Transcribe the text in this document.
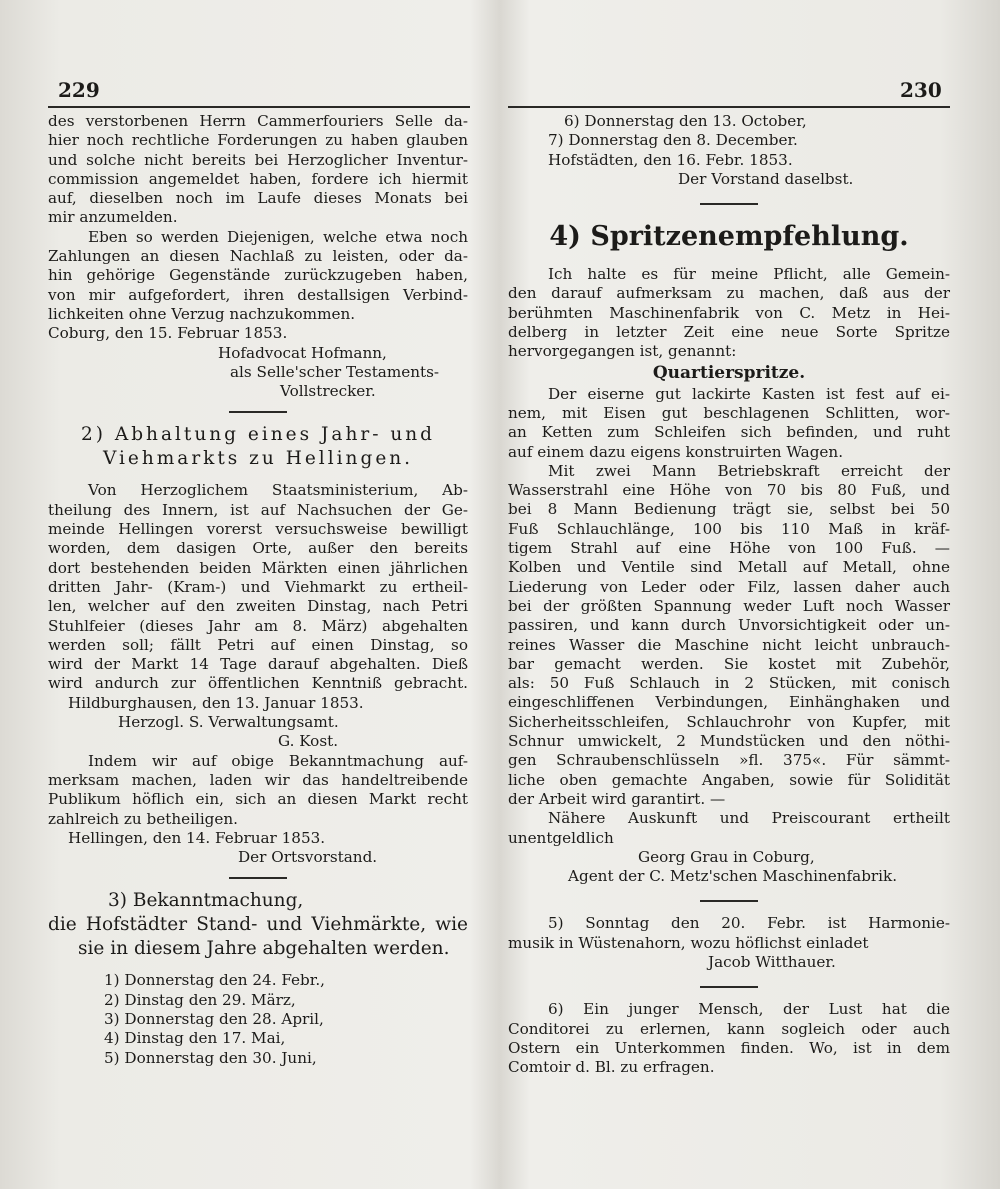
229	230
des verstorbenen Herrn Cammerfouriers Selle da-
hier noch rechtliche Forderungen zu haben glauben
und solche nicht bereits bei Herzoglicher Inventur-
commission angemeldet haben, fordere ich hiermit
auf, dieselben noch im Laufe dieses Monats bei
mir anzumelden.
Eben so werden Diejenigen, welche etwa noch
Zahlungen an diesen Nachlaß zu leisten, oder da-
hin gehörige Gegenstände zurückzugeben haben,
von mir aufgefordert, ihren destallsigen Verbind-
lichkeiten ohne Verzug nachzukommen.
Coburg, den 15. Februar 1853.
Hofadvocat Hofmann,
als Selle'scher Testaments-
Vollstrecker.
2) Abhaltung eines Jahr- und
Viehmarkts zu Hellingen.
Von Herzoglichem Staatsministerium, Ab-
theilung des Innern, ist auf Nachsuchen der Ge-
meinde Hellingen vorerst versuchsweise bewilligt
worden, dem dasigen Orte, außer den bereits
dort bestehenden beiden Märkten einen jährlichen
dritten Jahr- (Kram-) und Viehmarkt zu ertheil-
len, welcher auf den zweiten Dinstag, nach Petri
Stuhlfeier (dieses Jahr am 8. März) abgehalten
werden soll; fällt Petri auf einen Dinstag, so
wird der Markt 14 Tage darauf abgehalten. Dieß
wird andurch zur öffentlichen Kenntniß gebracht.
Hildburghausen, den 13. Januar 1853.
Herzogl. S. Verwaltungsamt.
G. Kost.
Indem wir auf obige Bekanntmachung auf-
merksam machen, laden wir das handeltreibende
Publikum höflich ein, sich an diesen Markt recht
zahlreich zu betheiligen.
Hellingen, den 14. Februar 1853.
Der Ortsvorstand.
3) Bekanntmachung,
die Hofstädter Stand- und Viehmärkte, wie
sie in diesem Jahre abgehalten werden.
1) Donnerstag den 24. Febr.,
2) Dinstag den 29. März,
3) Donnerstag den 28. April,
4) Dinstag den 17. Mai,
5) Donnerstag den 30. Juni,
6) Donnerstag den 13. October,
7) Donnerstag den 8. December.
Hofstädten, den 16. Febr. 1853.
Der Vorstand daselbst.
4) Spritzenempfehlung.
Ich halte es für meine Pflicht, alle Gemein-
den darauf aufmerksam zu machen, daß aus der
berühmten Maschinenfabrik von C. Metz in Hei-
delberg in letzter Zeit eine neue Sorte Spritze
hervorgegangen ist, genannt:
Quartierspritze.
Der eiserne gut lackirte Kasten ist fest auf ei-
nem, mit Eisen gut beschlagenen Schlitten, wor-
an Ketten zum Schleifen sich befinden, und ruht
auf einem dazu eigens konstruirten Wagen.
Mit zwei Mann Betriebskraft erreicht der
Wasserstrahl eine Höhe von 70 bis 80 Fuß, und
bei 8 Mann Bedienung trägt sie, selbst bei 50
Fuß Schlauchlänge, 100 bis 110 Maß in kräf-
tigem Strahl auf eine Höhe von 100 Fuß. —
Kolben und Ventile sind Metall auf Metall, ohne
Liederung von Leder oder Filz, lassen daher auch
bei der größten Spannung weder Luft noch Wasser
passiren, und kann durch Unvorsichtigkeit oder un-
reines Wasser die Maschine nicht leicht unbrauch-
bar gemacht werden. Sie kostet mit Zubehör,
als: 50 Fuß Schlauch in 2 Stücken, mit conisch
eingeschliffenen Verbindungen, Einhänghaken und
Sicherheitsschleifen, Schlauchrohr von Kupfer, mit
Schnur umwickelt, 2 Mundstücken und den nöthi-
gen Schraubenschlüsseln »fl. 375«. Für sämmt-
liche oben gemachte Angaben, sowie für Solidität
der Arbeit wird garantirt. —
Nähere Auskunft und Preiscourant ertheilt
unentgeldlich
Georg Grau in Coburg,
Agent der C. Metz'schen Maschinenfabrik.
5) Sonntag den 20. Febr. ist Harmonie-
musik in Wüstenahorn, wozu höflichst einladet
Jacob Witthauer.
6) Ein junger Mensch, der Lust hat die
Conditorei zu erlernen, kann sogleich oder auch
Ostern ein Unterkommen finden. Wo, ist in dem
Comtoir d. Bl. zu erfragen.
